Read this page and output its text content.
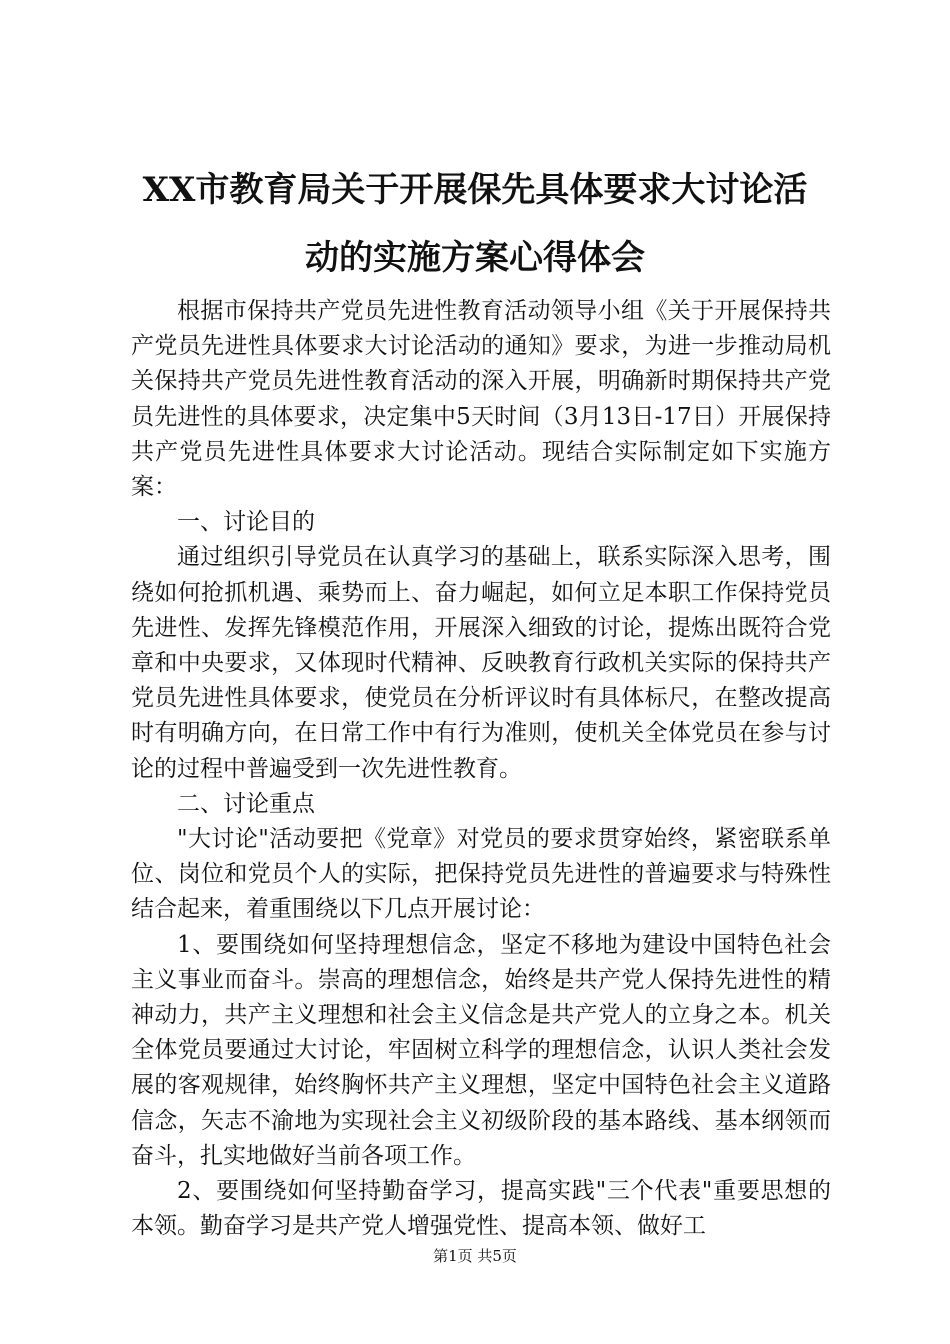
XX市教育局关于开展保先具体要求大讨论活
动的实施方案心得体会

根据市保持共产党员先进性教育活动领导小组《关于开展保持共产党员先进性具体要求大讨论活动的通知》要求，为进一步推动局机关保持共产党员先进性教育活动的深入开展，明确新时期保持共产党员先进性的具体要求，决定集中5天时间（3月13日-17日）开展保持共产党员先进性具体要求大讨论活动。现结合实际制定如下实施方案：

一、讨论目的

通过组织引导党员在认真学习的基础上，联系实际深入思考，围绕如何抢抓机遇、乘势而上、奋力崛起，如何立足本职工作保持党员先进性、发挥先锋模范作用，开展深入细致的讨论，提炼出既符合党章和中央要求，又体现时代精神、反映教育行政机关实际的保持共产党员先进性具体要求，使党员在分析评议时有具体标尺，在整改提高时有明确方向，在日常工作中有行为准则，使机关全体党员在参与讨论的过程中普遍受到一次先进性教育。

二、讨论重点

"大讨论"活动要把《党章》对党员的要求贯穿始终，紧密联系单位、岗位和党员个人的实际，把保持党员先进性的普遍要求与特殊性结合起来，着重围绕以下几点开展讨论：

1、要围绕如何坚持理想信念，坚定不移地为建设中国特色社会主义事业而奋斗。崇高的理想信念，始终是共产党人保持先进性的精神动力，共产主义理想和社会主义信念是共产党人的立身之本。机关全体党员要通过大讨论，牢固树立科学的理想信念，认识人类社会发展的客观规律，始终胸怀共产主义理想，坚定中国特色社会主义道路信念，矢志不渝地为实现社会主义初级阶段的基本路线、基本纲领而奋斗，扎实地做好当前各项工作。

2、要围绕如何坚持勤奋学习，提高实践"三个代表"重要思想的本领。勤奋学习是共产党人增强党性、提高本领、做好工

第1页 共5页
